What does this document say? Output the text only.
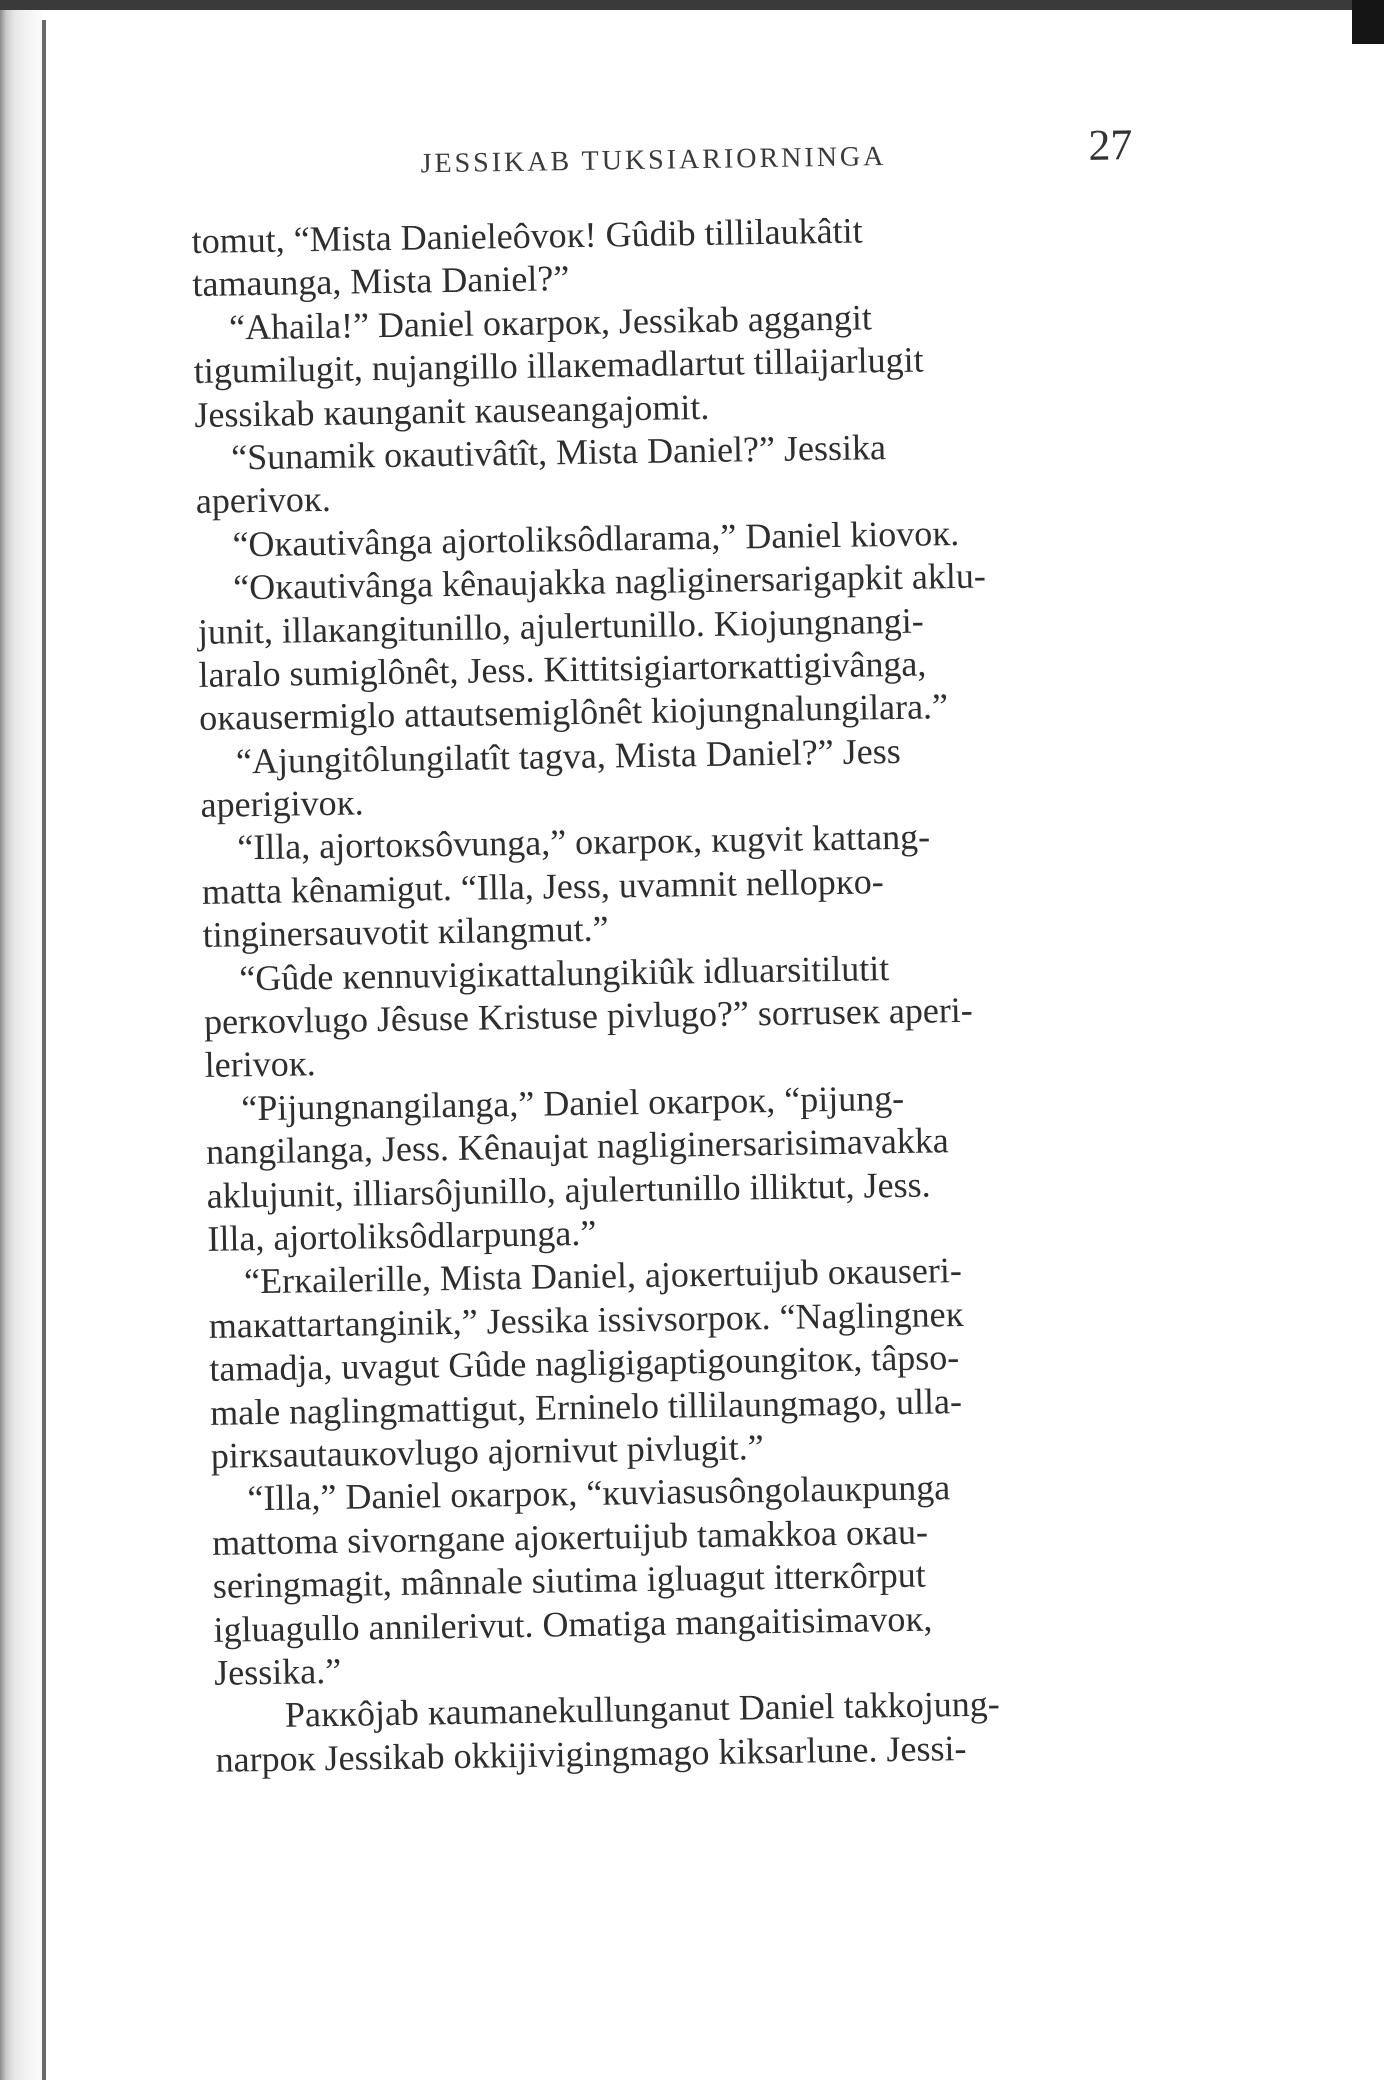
JESSIKAB TUKSIARIORNINGA	27
tomut, “Mista Danieleôvoĸ! Gûdib tillilaukâtit
tamaunga, Mista Daniel?”
“Ahaila!” Daniel oĸarpoĸ, Jessikab aggangit
tigumilugit, nujangillo illaĸemadlartut tillaijarlugit
Jessikab ĸaunganit ĸauseangajomit.
“Sunamik oĸautivâtît, Mista Daniel?” Jessika
aperivoĸ.
“Oĸautivânga ajortoliksôdlarama,” Daniel kiovoĸ.
“Oĸautivânga kênaujakka nagliginersarigapkit aklu-
junit, illaĸangitunillo, ajulertunillo. Kiojungnangi-
laralo sumiglônêt, Jess. Kittitsigiartorĸattigivânga,
oĸausermiglo attautsemiglônêt kiojungnalungilara.”
“Ajungitôlungilatît tagva, Mista Daniel?” Jess
aperigivoĸ.
“Illa, ajortoĸsôvunga,” oĸarpoĸ, ĸugvit kattang-
matta kênamigut. “Illa, Jess, uvamnit nellopĸo-
tinginersauvotit ĸilangmut.”
“Gûde ĸennuvigiĸattalungikiûk idluarsitilutit
perĸovlugo Jêsuse Kristuse pivlugo?” sorruseĸ aperi-
lerivoĸ.
“Pijungnangilanga,” Daniel oĸarpoĸ, “pijung-
nangilanga, Jess. Kênaujat nagliginersarisimavakka
aklujunit, illiarsôjunillo, ajulertunillo illiktut, Jess.
Illa, ajortoliksôdlarpunga.”
“Erĸailerille, Mista Daniel, ajoĸertuijub oĸauseri-
maĸattartanginik,” Jessika issivsorpoĸ. “Naglingneĸ
tamadja, uvagut Gûde nagligigaptigoungitoĸ, tâpso-
male naglingmattigut, Erninelo tillilaungmago, ulla-
pirĸsautauĸovlugo ajornivut pivlugit.”
“Illa,” Daniel oĸarpoĸ, “ĸuviasusôngolauĸpunga
mattoma sivorngane ajoĸertuijub tamakkoa oĸau-
seringmagit, mânnale siutima igluagut itterĸôrput
igluagullo annilerivut. Omatiga mangaitisimavoĸ,
Jessika.”
Paĸĸôjab ĸaumanekullunganut Daniel takkojung-
narpoĸ Jessikab okkijivigingmago kiksarlune. Jessi-
